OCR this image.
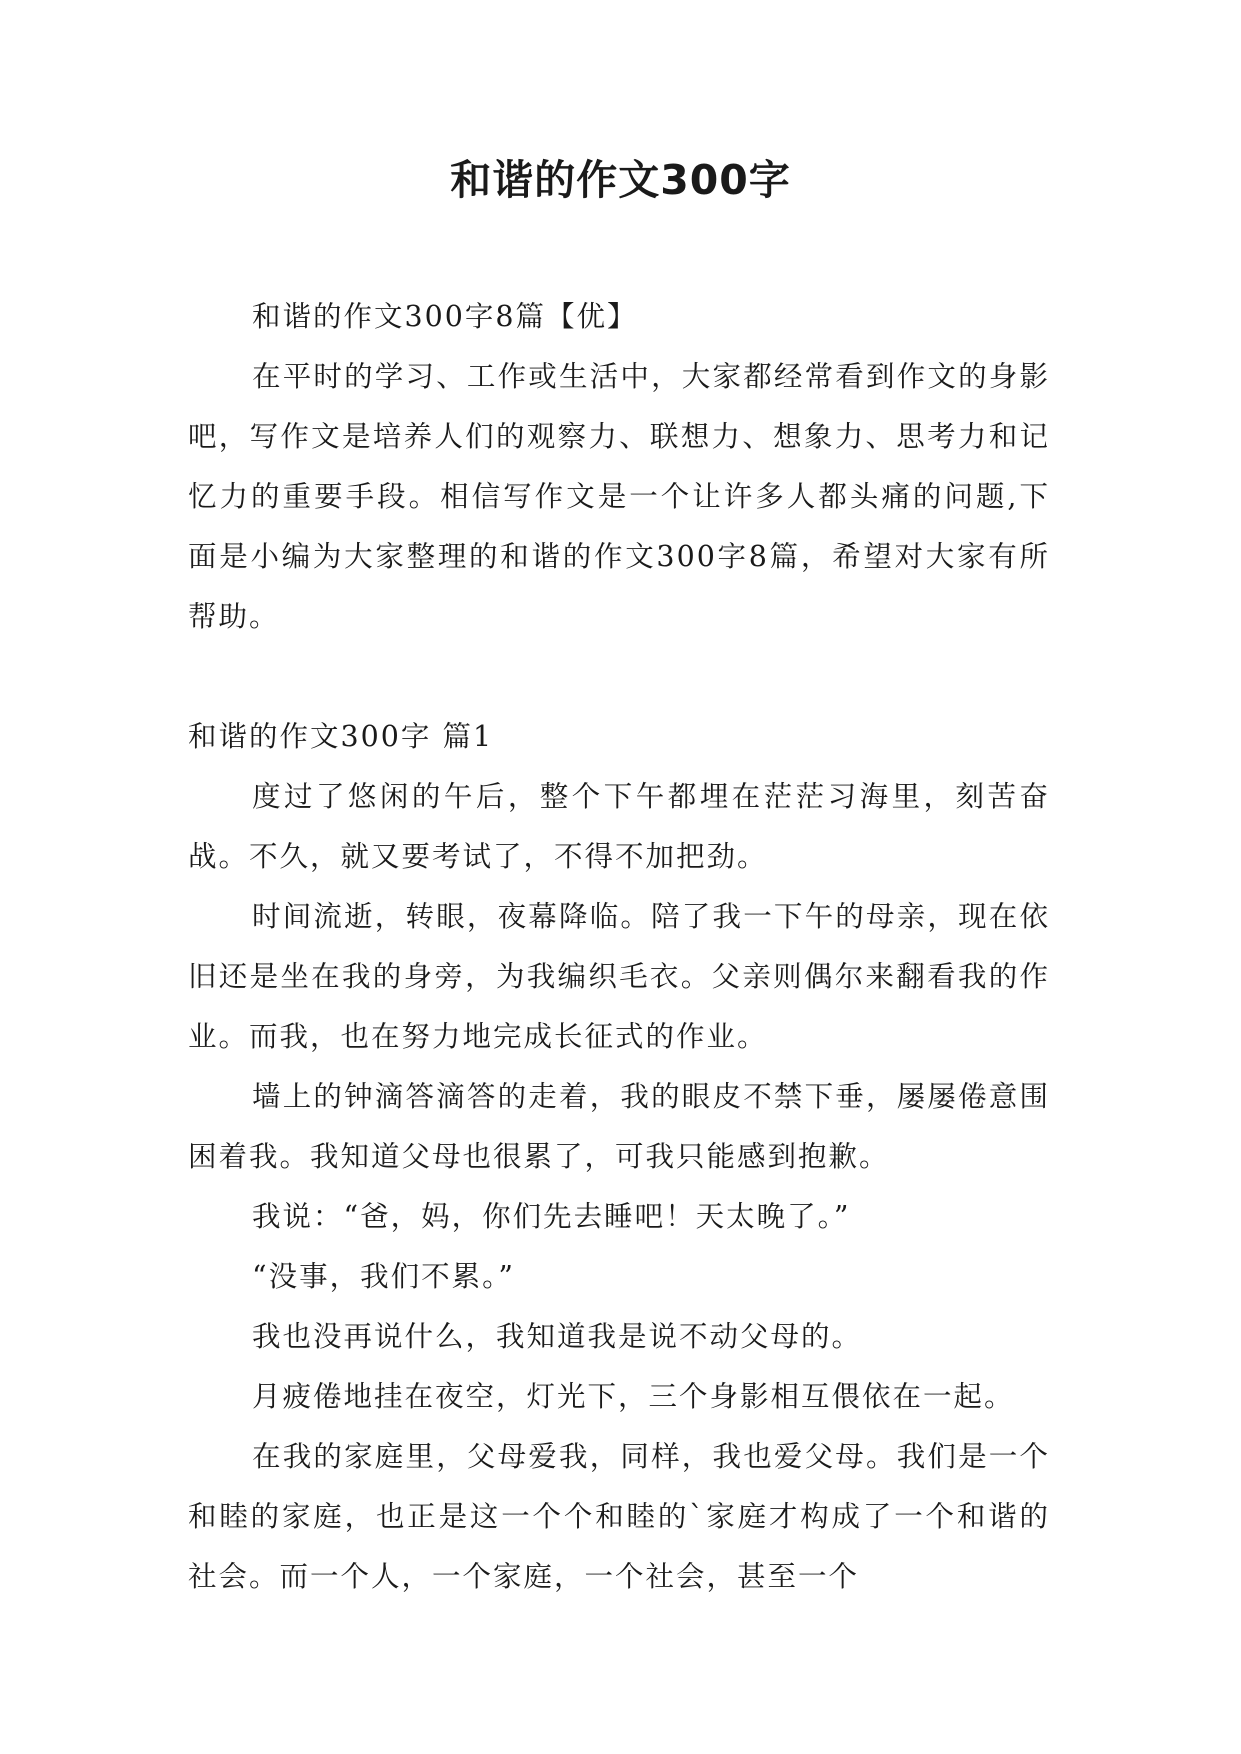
和谐的作文300字

和谐的作文300字8篇【优】

在平时的学习、工作或生活中，大家都经常看到作文的身影吧，写作文是培养人们的观察力、联想力、想象力、思考力和记忆力的重要手段。相信写作文是一个让许多人都头痛的问题,下面是小编为大家整理的和谐的作文300字8篇，希望对大家有所帮助。

和谐的作文300字 篇1

度过了悠闲的午后，整个下午都埋在茫茫习海里，刻苦奋战。不久，就又要考试了，不得不加把劲。

时间流逝，转眼，夜幕降临。陪了我一下午的母亲，现在依旧还是坐在我的身旁，为我编织毛衣。父亲则偶尔来翻看我的作业。而我，也在努力地完成长征式的作业。

墙上的钟滴答滴答的走着，我的眼皮不禁下垂，屡屡倦意围困着我。我知道父母也很累了，可我只能感到抱歉。

我说：“爸，妈，你们先去睡吧！天太晚了。”

“没事，我们不累。”

我也没再说什么，我知道我是说不动父母的。

月疲倦地挂在夜空，灯光下，三个身影相互偎依在一起。

在我的家庭里，父母爱我，同样，我也爱父母。我们是一个和睦的家庭，也正是这一个个和睦的`家庭才构成了一个和谐的社会。而一个人，一个家庭，一个社会，甚至一个
